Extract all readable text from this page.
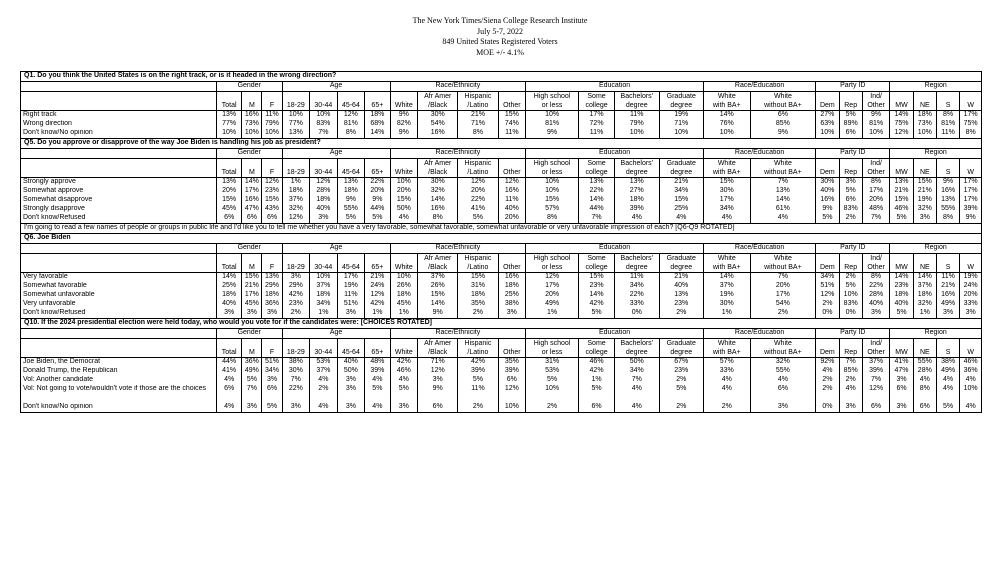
The New York Times/Siena College Research Institute
July 5-7, 2022
849 United States Registered Voters
MOE +/- 4.1%
Q1. Do you think the United States is on the right track, or is it headed in the wrong direction?																								
	Gender			Age				Race/Ethnicity				Education				Race/Education		Party ID			Region			
	Total	M	F	18-29	30-44	45-64	65+	White	Afr Amer
/Black	Hispanic
/Latino	Other	High school
or less	Some
college	Bachelors'
degree	Graduate
degree	White
with BA+	White
without BA+	Dem	Rep	Ind/
Other	MW	NE	S	W
Right track	13%	16%	11%	10%	10%	12%	18%	9%	30%	21%	15%	10%	17%	11%	19%	14%	6%	27%	5%	9%	14%	18%	8%	17%
Wrong direction	77%	73%	79%	77%	83%	81%	68%	82%	54%	71%	74%	81%	72%	79%	71%	76%	85%	63%	89%	81%	75%	73%	81%	75%
Don't know/No opinion	10%	10%	10%	13%	7%	8%	14%	9%	16%	8%	11%	9%	11%	10%	10%	10%	9%	10%	6%	10%	12%	10%	11%	8%
Q5. Do you approve or disapprove of the way Joe Biden is handling his job as president?																								
	Gender			Age				Race/Ethnicity				Education				Race/Education		Party ID			Region			
	Total	M	F	18-29	30-44	45-64	65+	White	Afr Amer
/Black	Hispanic
/Latino	Other	High school
or less	Some
college	Bachelors'
degree	Graduate
degree	White
with BA+	White
without BA+	Dem	Rep	Ind/
Other	MW	NE	S	W
Strongly approve	13%	14%	12%	1%	12%	13%	22%	10%	30%	12%	12%	10%	13%	13%	21%	15%	7%	30%	3%	8%	13%	15%	9%	17%
Somewhat approve	20%	17%	23%	18%	28%	18%	20%	20%	32%	20%	16%	10%	22%	27%	34%	30%	13%	40%	5%	17%	21%	21%	16%	17%
Somewhat disapprove	15%	16%	15%	37%	18%	9%	9%	15%	14%	22%	11%	15%	14%	18%	15%	17%	14%	16%	6%	20%	15%	19%	13%	17%
Strongly disapprove	45%	47%	43%	32%	40%	55%	44%	50%	16%	41%	40%	57%	44%	39%	25%	34%	61%	9%	83%	48%	46%	32%	55%	39%
Don't know/Refused	6%	6%	6%	12%	3%	5%	5%	4%	8%	5%	20%	8%	7%	4%	4%	4%	4%	5%	2%	7%	5%	3%	8%	9%
I'm going to read a few names of people or groups in public life and I'd like you to tell me whether you have a very favorable, somewhat favorable, somewhat unfavorable or very unfavorable impression of each? [Q6-Q9 ROTATED]																								
Q6. Joe Biden																								
	Gender			Age				Race/Ethnicity				Education				Race/Education		Party ID			Region			
	Total	M	F	18-29	30-44	45-64	65+	White	Afr Amer
/Black	Hispanic
/Latino	Other	High school
or less	Some
college	Bachelors'
degree	Graduate
degree	White
with BA+	White
without BA+	Dem	Rep	Ind/
Other	MW	NE	S	W
Very favorable	14%	15%	13%	3%	10%	17%	21%	10%	37%	15%	16%	12%	15%	11%	21%	14%	7%	34%	2%	8%	14%	14%	11%	19%
Somewhat favorable	25%	21%	29%	29%	37%	19%	24%	26%	26%	31%	18%	17%	23%	34%	40%	37%	20%	51%	5%	22%	23%	37%	21%	24%
Somewhat unfavorable	18%	17%	18%	42%	18%	11%	12%	18%	15%	18%	25%	20%	14%	22%	13%	19%	17%	12%	10%	28%	18%	18%	16%	20%
Very unfavorable	40%	45%	36%	23%	34%	51%	42%	45%	14%	35%	38%	49%	42%	33%	23%	30%	54%	2%	83%	40%	40%	32%	49%	33%
Don't know/Refused	3%	3%	3%	2%	1%	3%	1%	1%	9%	2%	3%	1%	5%	0%	2%	1%	2%	0%	0%	3%	5%	1%	3%	3%
Q10. If the 2024 presidential election were held today, who would you vote for if the candidates were: [CHOICES ROTATED]																								
	Gender			Age				Race/Ethnicity				Education				Race/Education		Party ID			Region			
	Total	M	F	18-29	30-44	45-64	65+	White	Afr Amer
/Black	Hispanic
/Latino	Other	High school
or less	Some
college	Bachelors'
degree	Graduate
degree	White
with BA+	White
without BA+	Dem	Rep	Ind/
Other	MW	NE	S	W
Joe Biden, the Democrat	44%	36%	51%	38%	53%	40%	48%	42%	71%	42%	35%	31%	46%	50%	67%	57%	32%	92%	7%	37%	41%	55%	38%	46%
Donald Trump, the Republican	41%	49%	34%	30%	37%	50%	39%	46%	12%	39%	39%	53%	42%	34%	23%	33%	55%	4%	85%	39%	47%	28%	49%	36%
Vol: Another candidate	4%	5%	3%	7%	4%	3%	4%	4%	3%	5%	6%	5%	1%	7%	2%	4%	4%	2%	2%	7%	3%	4%	4%	4%
Vol: Not going to vote/wouldn't vote if those are the choices	6%	7%	6%	22%	2%	3%	5%	5%	9%	11%	12%	10%	5%	4%	5%	4%	6%	2%	4%	12%	6%	8%	4%	10%
Don't know/No opinion	4%	3%	5%	3%	4%	3%	4%	3%	6%	2%	10%	2%	6%	4%	2%	2%	3%	0%	3%	6%	3%	6%	5%	4%
